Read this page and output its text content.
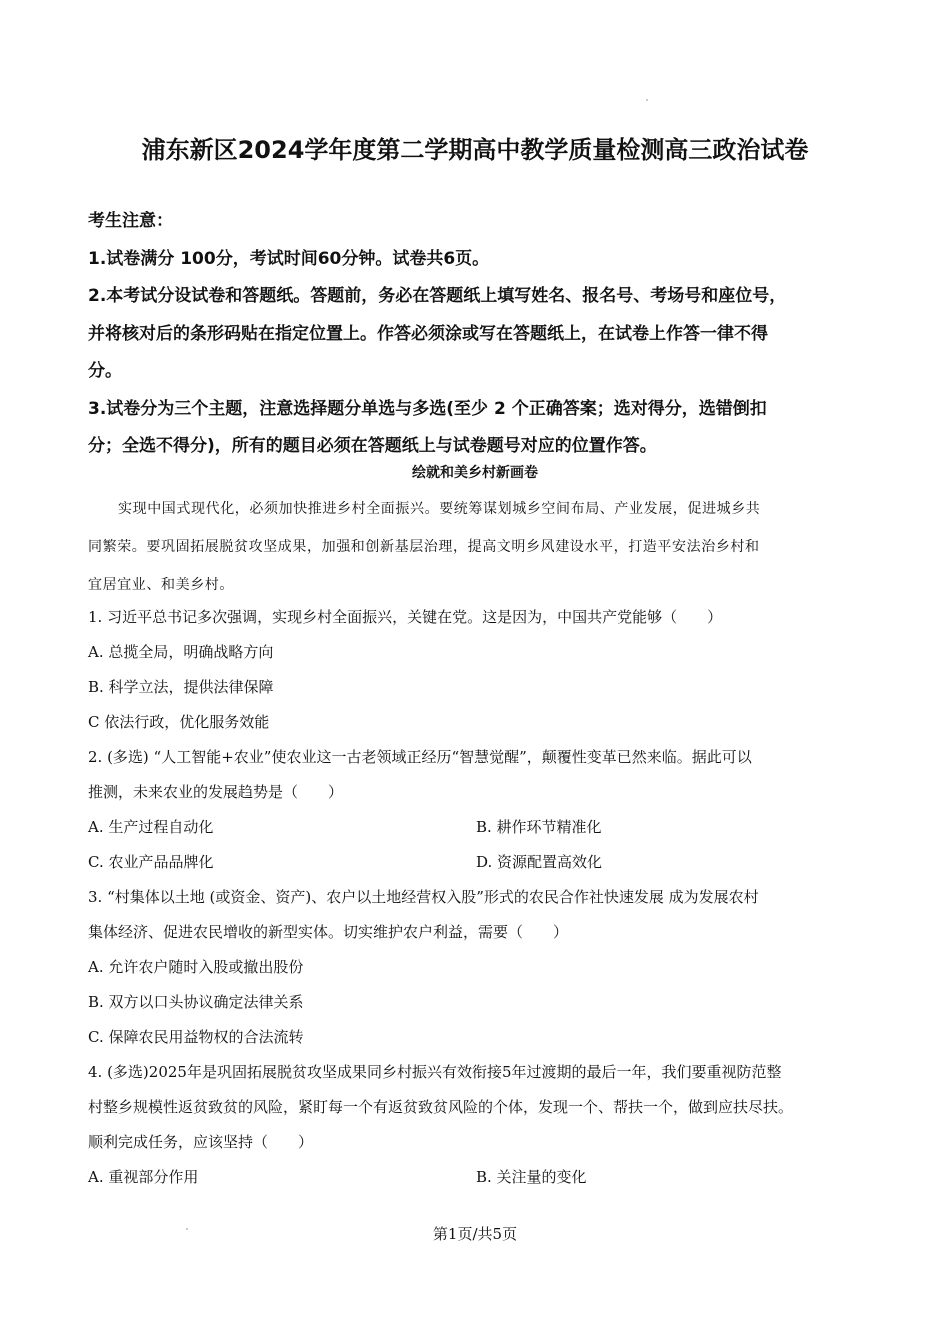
浦东新区2024学年度第二学期高中教学质量检测高三政治试卷
考生注意：
1.试卷满分 100分，考试时间60分钟。试卷共6页。
2.本考试分设试卷和答题纸。答题前，务必在答题纸上填写姓名、报名号、考场号和座位号，
并将核对后的条形码贴在指定位置上。作答必须涂或写在答题纸上，在试卷上作答一律不得
分。
3.试卷分为三个主题，注意选择题分单选与多选(至少 2 个正确答案；选对得分，选错倒扣
分；全选不得分)，所有的题目必须在答题纸上与试卷题号对应的位置作答。
绘就和美乡村新画卷
实现中国式现代化，必须加快推进乡村全面振兴。要统筹谋划城乡空间布局、产业发展，促进城乡共
同繁荣。要巩固拓展脱贫攻坚成果，加强和创新基层治理，提高文明乡风建设水平，打造平安法治乡村和
宜居宜业、和美乡村。
1. 习近平总书记多次强调，实现乡村全面振兴，关键在党。这是因为，中国共产党能够（　　）
A. 总揽全局，明确战略方向
B. 科学立法，提供法律保障
C 依法行政，优化服务效能
2. (多选) “人工智能+农业”使农业这一古老领域正经历“智慧觉醒”，颠覆性变革已然来临。据此可以
推测，未来农业的发展趋势是（　　）
A. 生产过程自动化	B. 耕作环节精准化
C. 农业产品品牌化	D. 资源配置高效化
3. “村集体以土地 (或资金、资产)、农户以土地经营权入股”形式的农民合作社快速发展 成为发展农村
集体经济、促进农民增收的新型实体。切实维护农户利益，需要（　　）
A. 允许农户随时入股或撤出股份
B. 双方以口头协议确定法律关系
C. 保障农民用益物权的合法流转
4. (多选)2025年是巩固拓展脱贫攻坚成果同乡村振兴有效衔接5年过渡期的最后一年，我们要重视防范整
村整乡规模性返贫致贫的风险，紧盯每一个有返贫致贫风险的个体，发现一个、帮扶一个，做到应扶尽扶。
顺利完成任务，应该坚持（　　）
A. 重视部分作用	B. 关注量的变化
第1页/共5页
